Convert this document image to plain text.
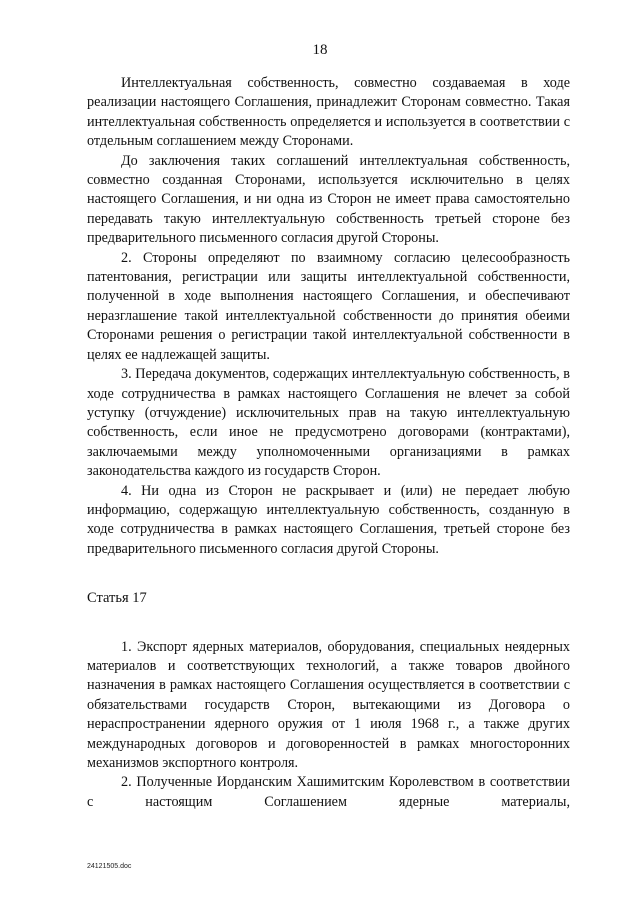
18

Интеллектуальная собственность, совместно создаваемая в ходе реализации настоящего Соглашения, принадлежит Сторонам совместно. Такая интеллектуальная собственность определяется и используется в соответствии с отдельным соглашением между Сторонами.

До заключения таких соглашений интеллектуальная собственность, совместно созданная Сторонами, используется исключительно в целях настоящего Соглашения, и ни одна из Сторон не имеет права самостоятельно передавать такую интеллектуальную собственность третьей стороне без предварительного письменного согласия другой Стороны.

2. Стороны определяют по взаимному согласию целесообразность патентования, регистрации или защиты интеллектуальной собственности, полученной в ходе выполнения настоящего Соглашения, и обеспечивают неразглашение такой интеллектуальной собственности до принятия обеими Сторонами решения о регистрации такой интеллектуальной собственности в целях ее надлежащей защиты.

3. Передача документов, содержащих интеллектуальную собственность, в ходе сотрудничества в рамках настоящего Соглашения не влечет за собой уступку (отчуждение) исключительных прав на такую интеллектуальную собственность, если иное не предусмотрено договорами (контрактами), заключаемыми между уполномоченными организациями в рамках законодательства каждого из государств Сторон.

4. Ни одна из Сторон не раскрывает и (или) не передает любую информацию, содержащую интеллектуальную собственность, созданную в ходе сотрудничества в рамках настоящего Соглашения, третьей стороне без предварительного письменного согласия другой Стороны.

Статья 17

1. Экспорт ядерных материалов, оборудования, специальных неядерных материалов и соответствующих технологий, а также товаров двойного назначения в рамках настоящего Соглашения осуществляется в соответствии с обязательствами государств Сторон, вытекающими из Договора о нераспространении ядерного оружия от 1 июля 1968 г., а также других международных договоров и договоренностей в рамках многосторонних механизмов экспортного контроля.

2. Полученные Иорданским Хашимитским Королевством в соответствии с настоящим Соглашением ядерные материалы,

24121505.doc
